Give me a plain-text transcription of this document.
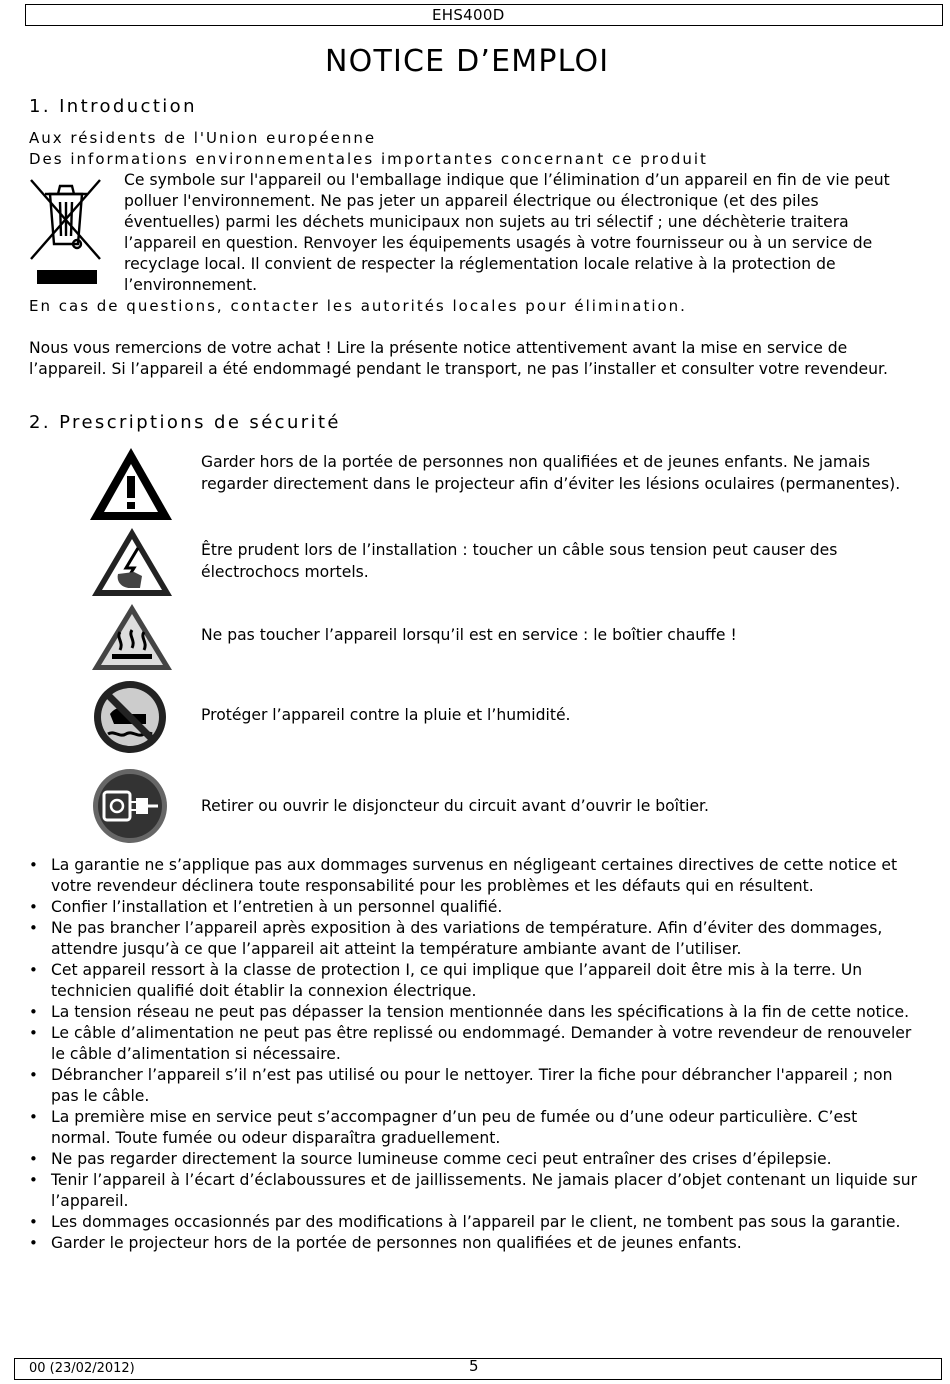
EHS400D
NOTICE D’EMPLOI
1. Introduction
Aux résidents de l'Union européenne
Des informations environnementales importantes concernant ce produit
Ce symbole sur l'appareil ou l'emballage indique que l’élimination d’un appareil en fin de vie peut polluer l'environnement. Ne pas jeter un appareil électrique ou électronique (et des piles éventuelles) parmi les déchets municipaux non sujets au tri sélectif ; une déchèterie traitera l’appareil en question. Renvoyer les équipements usagés à votre fournisseur ou à un service de recyclage local. Il convient de respecter la réglementation locale relative à la protection de l’environnement.
En cas de questions, contacter les autorités locales pour élimination.
Nous vous remercions de votre achat ! Lire la présente notice attentivement avant la mise en service de l’appareil. Si l’appareil a été endommagé pendant le transport, ne pas l’installer et consulter votre revendeur.
2. Prescriptions de sécurité
Garder hors de la portée de personnes non qualifiées et de jeunes enfants. Ne jamais regarder directement dans le projecteur afin d’éviter les lésions oculaires (permanentes).
Être prudent lors de l’installation : toucher un câble sous tension peut causer des électrochocs mortels.
Ne pas toucher l’appareil lorsqu’il est en service : le boîtier chauffe !
Protéger l’appareil contre la pluie et l’humidité.
Retirer ou ouvrir le disjoncteur du circuit avant d’ouvrir le boîtier.
• La garantie ne s’applique pas aux dommages survenus en négligeant certaines directives de cette notice et votre revendeur déclinera toute responsabilité pour les problèmes et les défauts qui en résultent.
• Confier l’installation et l’entretien à un personnel qualifié.
• Ne pas brancher l’appareil après exposition à des variations de température. Afin d’éviter des dommages, attendre jusqu’à ce que l’appareil ait atteint la température ambiante avant de l’utiliser.
• Cet appareil ressort à la classe de protection I, ce qui implique que l’appareil doit être mis à la terre. Un technicien qualifié doit établir la connexion électrique.
• La tension réseau ne peut pas dépasser la tension mentionnée dans les spécifications à la fin de cette notice.
• Le câble d’alimentation ne peut pas être replissé ou endommagé. Demander à votre revendeur de renouveler le câble d’alimentation si nécessaire.
• Débrancher l’appareil s’il n’est pas utilisé ou pour le nettoyer. Tirer la fiche pour débrancher l'appareil ; non pas le câble.
• La première mise en service peut s’accompagner d’un peu de fumée ou d’une odeur particulière. C’est normal. Toute fumée ou odeur disparaîtra graduellement.
• Ne pas regarder directement la source lumineuse comme ceci peut entraîner des crises d’épilepsie.
• Tenir l’appareil à l’écart d’éclaboussures et de jaillissements. Ne jamais placer d’objet contenant un liquide sur l’appareil.
• Les dommages occasionnés par des modifications à l’appareil par le client, ne tombent pas sous la garantie.
• Garder le projecteur hors de la portée de personnes non qualifiées et de jeunes enfants.
00 (23/02/2012)	5
